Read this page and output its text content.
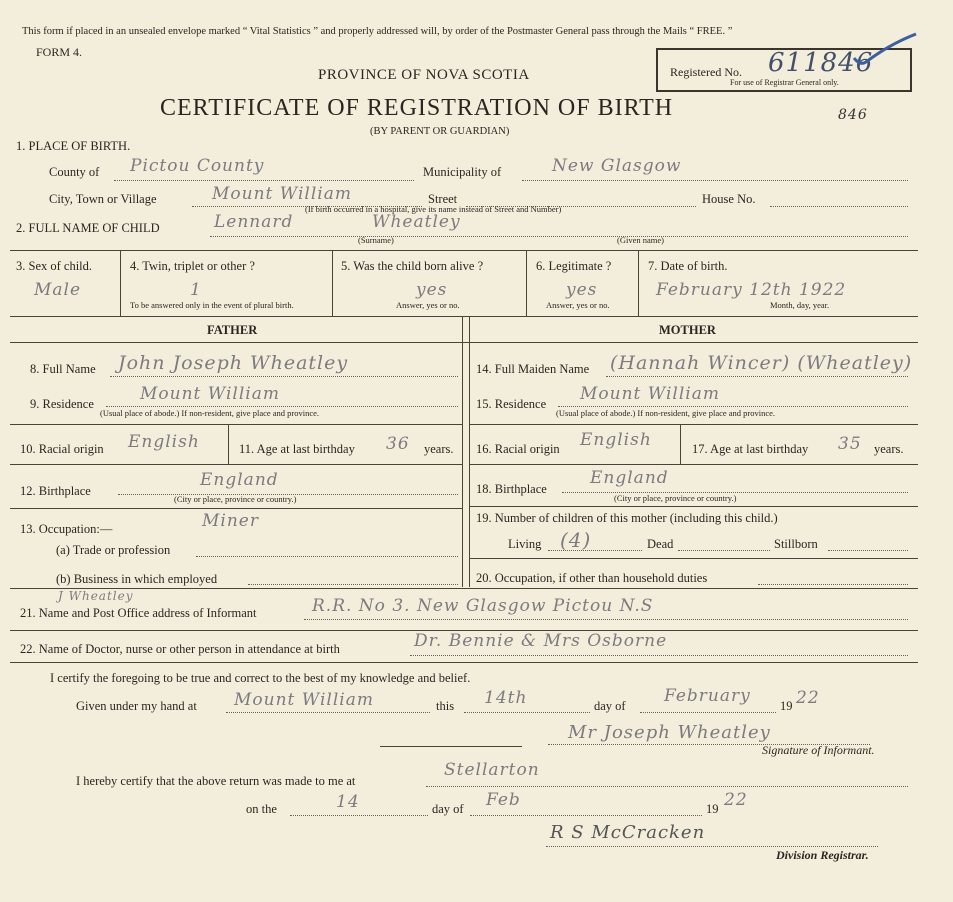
This form if placed in an unsealed envelope marked “ Vital Statistics ” and properly addressed will, by order of the Postmaster General pass through the Mails “ FREE. ”
FORM 4.
PROVINCE OF NOVA SCOTIA
CERTIFICATE OF REGISTRATION OF BIRTH
(BY PARENT OR GUARDIAN)
Registered No.
For use of Registrar General only.
611846
846
1. PLACE OF BIRTH.
County of Pictou County	Municipality of	New Glasgow
City, Town or Village	Mount William	Street	House No.
(If birth occurred in a hospital, give its name instead of Street and Number)
2. FULL NAME OF CHILD	Lennard	Wheatley
(Surname)	(Given name)
3. Sex of child.
Male
4. Twin, triplet or other ?
1
To be answered only in the event of plural birth.
5. Was the child born alive ?
yes
Answer, yes or no.
6. Legitimate ?
yes
Answer, yes or no.
7. Date of birth.
February 12th 1922
Month, day, year.
FATHER	MOTHER
8. Full Name John Joseph Wheatley
9. Residence	Mount William
(Usual place of abode.) If non-resident, give place and province.
10. Racial origin English	11. Age at last birthday 36 years.
12. Birthplace
England
(City or place, province or country.)
13. Occupation:—	Miner
(a) Trade or profession
(b) Business in which employed
14. Full Maiden Name (Hannah Wincer) (Wheatley)
15. Residence Mount William
(Usual place of abode.) If non-resident, give place and province.
16. Racial origin English	17. Age at last birthday 35 years.
18. Birthplace
England
(City or place, province or country.)
19. Number of children of this mother (including this child.)
Living (4)	Dead	Stillborn
20. Occupation, if other than household duties
J Wheatley
21. Name and Post Office address of Informant	R.R. No 3. New Glasgow Pictou N.S
22. Name of Doctor, nurse or other person in attendance at birth	Dr. Bennie & Mrs Osborne
I certify the foregoing to be true and correct to the best of my knowledge and belief.
Given under my hand at Mount William	this 14th	day of February 19 22
Mr Joseph Wheatley
Signature of Informant.
I hereby certify that the above return was made to me at
Stellarton
on the	14	day of Feb	19 22
R S McCracken
Division Registrar.
